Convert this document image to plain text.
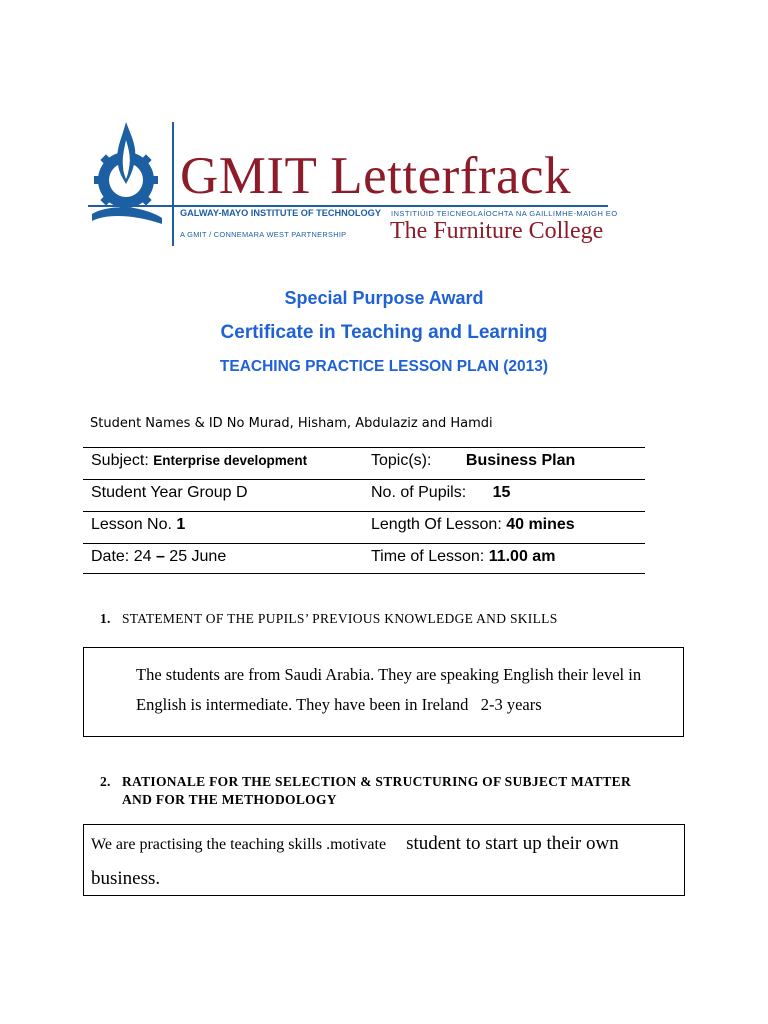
GMIT Letterfrack
GALWAY-MAYO INSTITUTE OF TECHNOLOGY INSTITIÚID TEICNEOLAÍOCHTA NA GAILLIMHE-MAIGH EO
A GMIT / CONNEMARA WEST PARTNERSHIP The Furniture College
Special Purpose Award
Certificate in Teaching and Learning
TEACHING PRACTICE LESSON PLAN (2013)
Student Names & ID No Murad, Hisham, Abdulaziz and Hamdi
Subject: Enterprise development	Topic(s): Business Plan
Student Year Group D	No. of Pupils: 15
Lesson No. 1	Length Of Lesson: 40 mines
Date: 24 – 25 June	Time of Lesson: 11.00 am
1. STATEMENT OF THE PUPILS’ PREVIOUS KNOWLEDGE AND SKILLS
The students are from Saudi Arabia. They are speaking English their level in
English is intermediate. They have been in Ireland   2-3 years
2. RATIONALE FOR THE SELECTION & STRUCTURING OF SUBJECT MATTER
AND FOR THE METHODOLOGY
We are practising the teaching skills .motivate student to start up their own
business.
